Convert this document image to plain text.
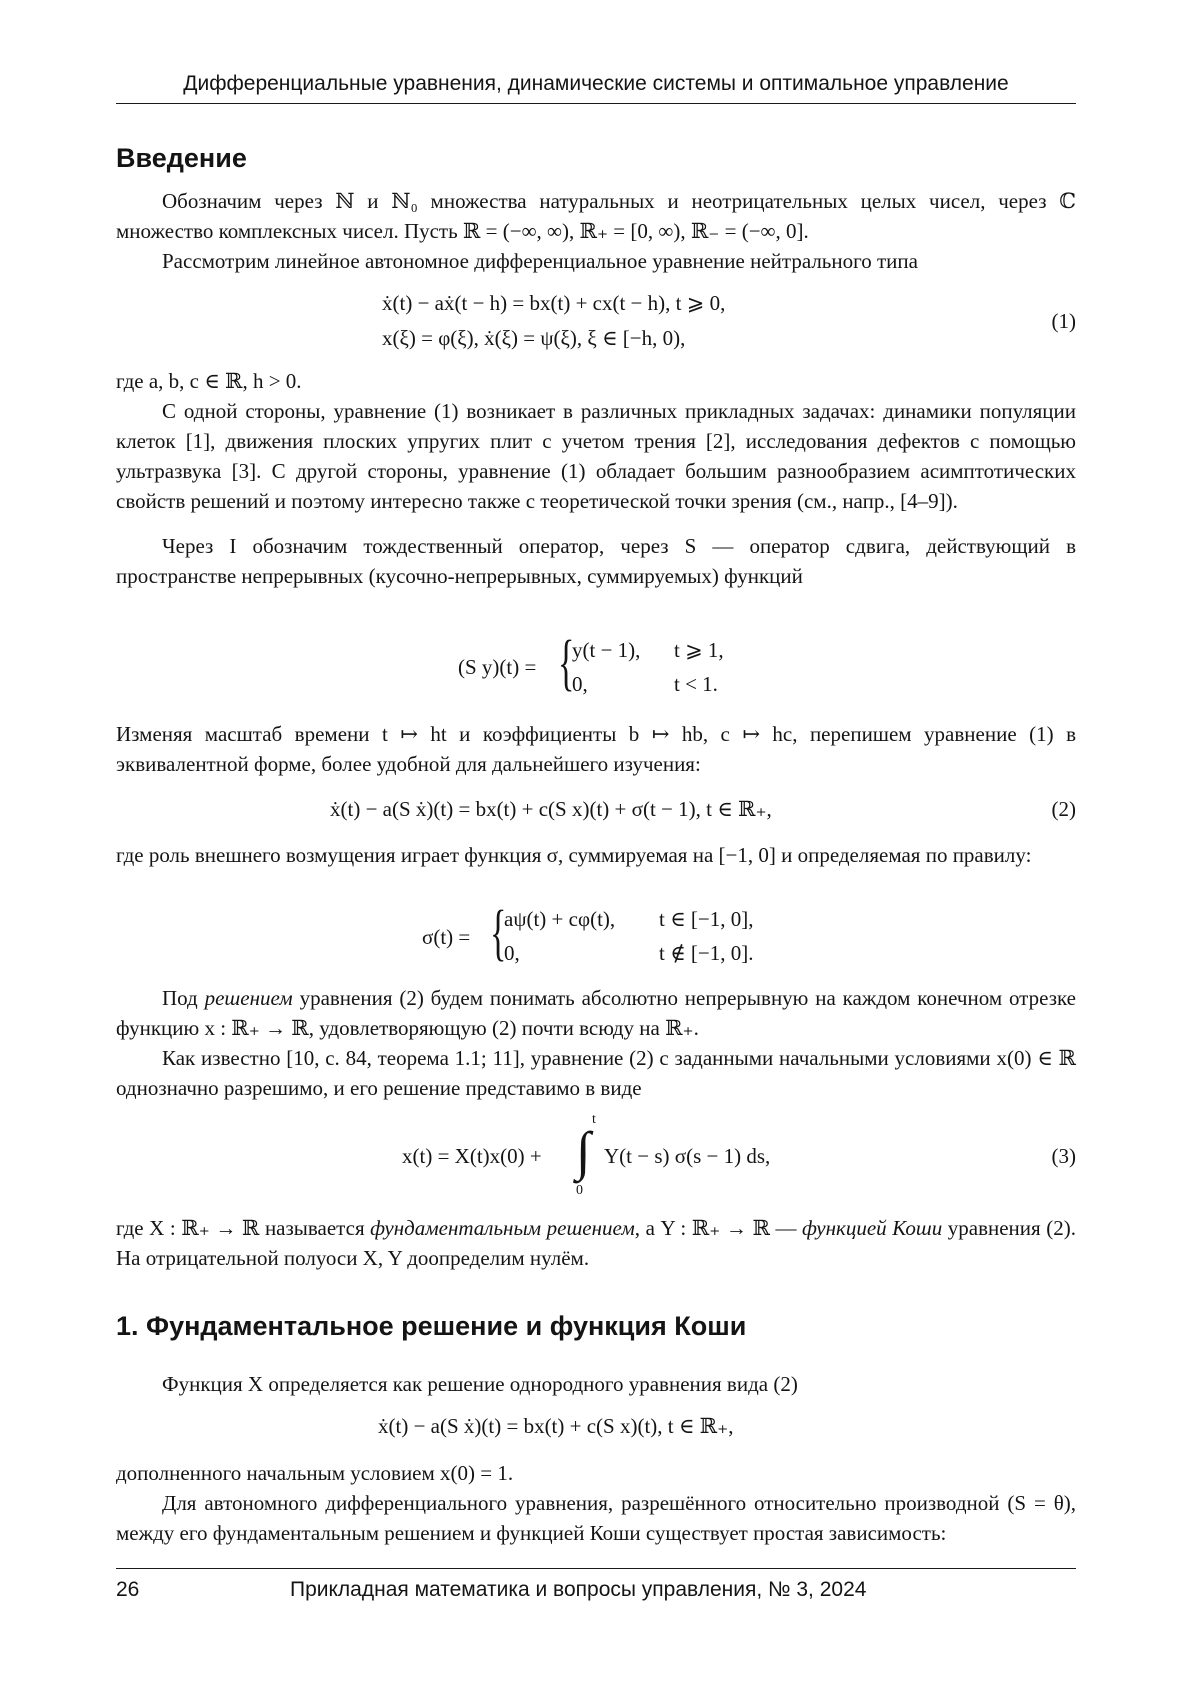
Дифференциальные уравнения, динамические системы и оптимальное управление
Введение
Обозначим через ℕ и ℕ₀ множества натуральных и неотрицательных целых чисел, через ℂ множество комплексных чисел. Пусть ℝ = (−∞, ∞), ℝ₊ = [0, ∞), ℝ₋ = (−∞, 0].
Рассмотрим линейное автономное дифференциальное уравнение нейтрального типа
ẋ(t) − aẋ(t − h) = bx(t) + cx(t − h), t ⩾ 0,
x(ξ) = φ(ξ), ẋ(ξ) = ψ(ξ), ξ ∈ [−h, 0),
(1)
где a, b, c ∈ ℝ, h > 0.
С одной стороны, уравнение (1) возникает в различных прикладных задачах: динамики популяции клеток [1], движения плоских упругих плит с учетом трения [2], исследования дефектов с помощью ультразвука [3]. С другой стороны, уравнение (1) обладает большим разнообразием асимптотических свойств решений и поэтому интересно также с теоретической точки зрения (см., напр., [4–9]).
Через I обозначим тождественный оператор, через S — оператор сдвига, действующий в пространстве непрерывных (кусочно-непрерывных, суммируемых) функций
(S y)(t) = {
y(t − 1), t ⩾ 1,
0,	t < 1.
Изменяя масштаб времени t ↦ ht и коэффициенты b ↦ hb, c ↦ hc, перепишем уравнение (1) в эквивалентной форме, более удобной для дальнейшего изучения:
ẋ(t) − a(S ẋ)(t) = bx(t) + c(S x)(t) + σ(t − 1), t ∈ ℝ₊,	(2)
где роль внешнего возмущения играет функция σ, суммируемая на [−1, 0] и определяемая по правилу:
σ(t) = {
aψ(t) + cφ(t), t ∈ [−1, 0],
0,	t ∉ [−1, 0].
Под решением уравнения (2) будем понимать абсолютно непрерывную на каждом конечном отрезке функцию x : ℝ₊ → ℝ, удовлетворяющую (2) почти всюду на ℝ₊.
Как известно [10, с. 84, теорема 1.1; 11], уравнение (2) с заданными начальными условиями x(0) ∈ ℝ однозначно разрешимо, и его решение представимо в виде
x(t) = X(t)x(0) + ∫
t
0
Y(t − s) σ(s − 1) ds,	(3)
где X : ℝ₊ → ℝ называется фундаментальным решением, а Y : ℝ₊ → ℝ — функцией Коши уравнения (2). На отрицательной полуоси X, Y доопределим нулём.
1. Фундаментальное решение и функция Коши
Функция X определяется как решение однородного уравнения вида (2)
ẋ(t) − a(S ẋ)(t) = bx(t) + c(S x)(t), t ∈ ℝ₊,
дополненного начальным условием x(0) = 1.
Для автономного дифференциального уравнения, разрешённого относительно производной (S = θ), между его фундаментальным решением и функцией Коши существует простая зависимость:
26	Прикладная математика и вопросы управления, № 3, 2024
